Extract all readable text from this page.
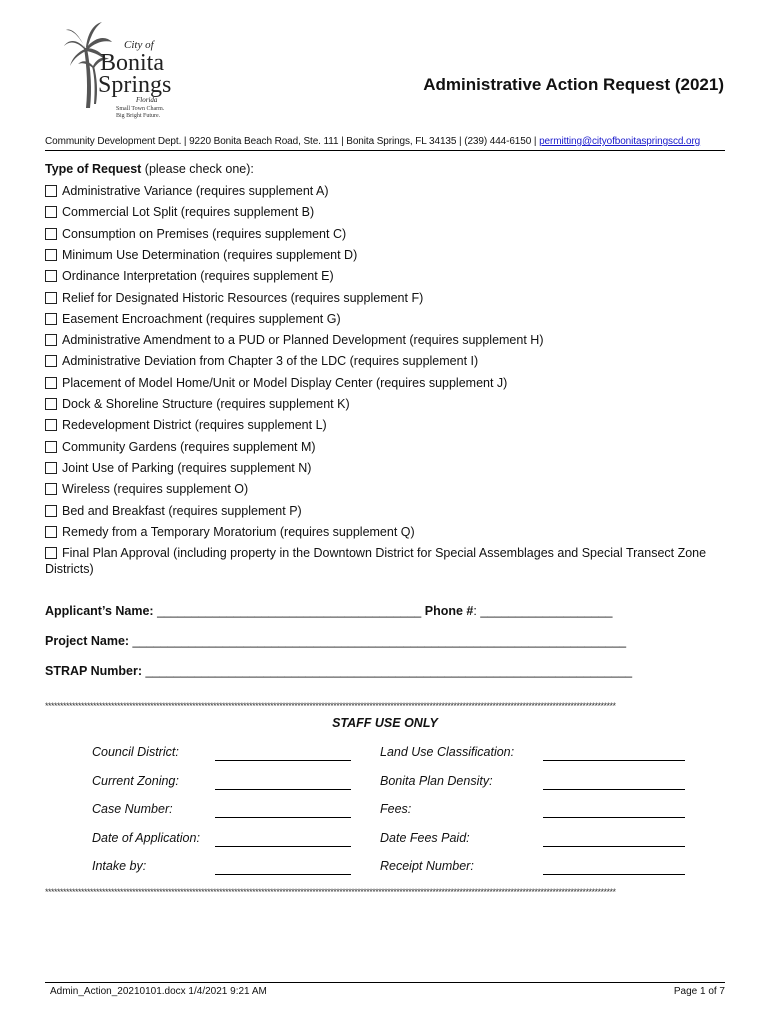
City of
Bonita
Springs
Florida
Small Town Charm.
Big Bright Future.
Administrative Action Request (2021)
Community Development Dept. | 9220 Bonita Beach Road, Ste. 111 | Bonita Springs, FL 34135 | (239) 444-6150 | permitting@cityofbonitaspringscd.org
Type of Request (please check one):
Administrative Variance (requires supplement A)
Commercial Lot Split (requires supplement B)
Consumption on Premises (requires supplement C)
Minimum Use Determination (requires supplement D)
Ordinance Interpretation (requires supplement E)
Relief for Designated Historic Resources (requires supplement F)
Easement Encroachment (requires supplement G)
Administrative Amendment to a PUD or Planned Development (requires supplement H)
Administrative Deviation from Chapter 3 of the LDC (requires supplement I)
Placement of Model Home/Unit or Model Display Center (requires supplement J)
Dock & Shoreline Structure (requires supplement K)
Redevelopment District (requires supplement L)
Community Gardens (requires supplement M)
Joint Use of Parking (requires supplement N)
Wireless (requires supplement O)
Bed and Breakfast (requires supplement P)
Remedy from a Temporary Moratorium (requires supplement Q)
Final Plan Approval (including property in the Downtown District for Special Assemblages and Special Transect Zone Districts)
Applicant’s Name: ______________________________________ Phone #: ___________________
Project Name: _______________________________________________________________________
STRAP Number: ______________________________________________________________________
**********************************************************************************************************************************************************************************************
STAFF USE ONLY
Council District:
Current Zoning:
Case Number:
Date of Application:
Intake by:
Land Use Classification:
Bonita Plan Density:
Fees:
Date Fees Paid:
Receipt Number:
**********************************************************************************************************************************************************************************************
Admin_Action_20210101.docx 1/4/2021 9:21 AM	Page 1 of 7
